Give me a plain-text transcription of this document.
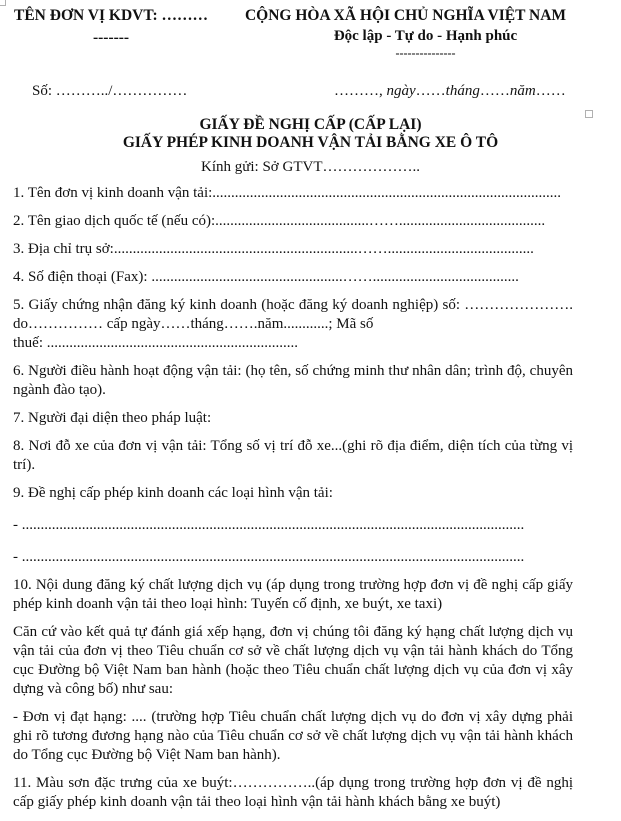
TÊN ĐƠN VỊ KDVT: ………
-------
CỘNG HÒA XÃ HỘI CHỦ NGHĨA VIỆT NAM
Độc lập - Tự do - Hạnh phúc
---------------
Số: ………../……………	………, ngày……tháng……năm……
GIẤY ĐỀ NGHỊ CẤP (CẤP LẠI)
GIẤY PHÉP KINH DOANH VẬN TẢI BẰNG XE Ô TÔ
Kính gửi: Sở GTVT………………..

1. Tên đơn vị kinh doanh vận tải:.............................................................................................

2. Tên giao dịch quốc tế (nếu có):.........................................…….......................................

3. Địa chỉ trụ sở:.................................................................…….......................................

4. Số điện thoại (Fax): ...................................................…….......................................

5. Giấy chứng nhận đăng ký kinh doanh (hoặc đăng ký doanh nghiệp) số: …………………. do…………… cấp ngày……tháng…….năm............; Mã số

thuế: ...................................................................

6. Người điều hành hoạt động vận tải: (họ tên, số chứng minh thư nhân dân; trình độ, chuyên ngành đào tạo).

7. Người đại diện theo pháp luật:

8. Nơi đỗ xe của đơn vị vận tải: Tổng số vị trí đỗ xe...(ghi rõ địa điểm, diện tích của từng vị trí).

9. Đề nghị cấp phép kinh doanh các loại hình vận tải:

- ......................................................................................................................................

- ......................................................................................................................................

10. Nội dung đăng ký chất lượng dịch vụ (áp dụng trong trường hợp đơn vị đề nghị cấp giấy phép kinh doanh vận tải theo loại hình: Tuyến cố định, xe buýt, xe taxi)

Căn cứ vào kết quả tự đánh giá xếp hạng, đơn vị chúng tôi đăng ký hạng chất lượng dịch vụ vận tải của đơn vị theo Tiêu chuẩn cơ sở về chất lượng dịch vụ vận tải hành khách do Tổng cục Đường bộ Việt Nam ban hành (hoặc theo Tiêu chuẩn chất lượng dịch vụ của đơn vị xây dựng và công bố) như sau:

- Đơn vị đạt hạng: .... (trường hợp Tiêu chuẩn chất lượng dịch vụ do đơn vị xây dựng phải ghi rõ tương đương hạng nào của Tiêu chuẩn cơ sở về chất lượng dịch vụ vận tải hành khách do Tổng cục Đường bộ Việt Nam ban hành).

11. Màu sơn đặc trưng của xe buýt:……………..(áp dụng trong trường hợp đơn vị đề nghị cấp giấy phép kinh doanh vận tải theo loại hình vận tải hành khách bằng xe buýt)
